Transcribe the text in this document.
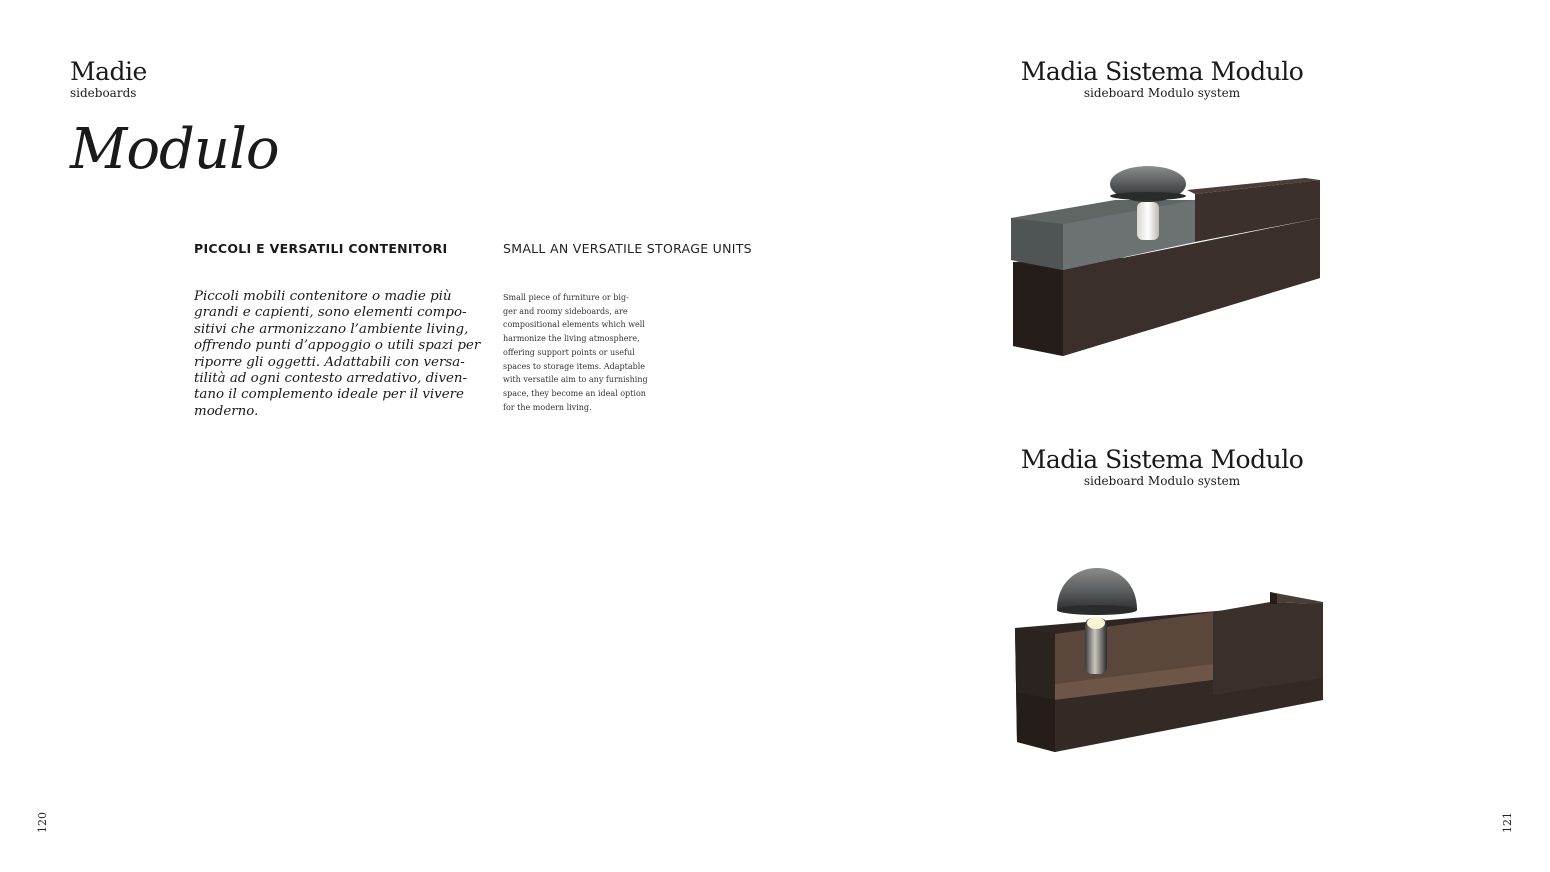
Madie
sideboards
Modulo
PICCOLI E VERSATILI CONTENITORI	SMALL AN VERSATILE STORAGE UNITS
Piccoli mobili contenitore o madie più
grandi e capienti, sono elementi compo-
sitivi che armonizzano l’ambiente living,
offrendo punti d’appoggio o utili spazi per
riporre gli oggetti. Adattabili con versa-
tilità ad ogni contesto arredativo, diven-
tano il complemento ideale per il vivere
moderno.
Small piece of furniture or big-
ger and roomy sideboards, are
compositional elements which well
harmonize the living atmosphere,
offering support points or useful
spaces to storage items. Adaptable
with versatile aim to any furnishing
space, they become an ideal option
for the modern living.
120
Madia Sistema Modulo
sideboard Modulo system
Madia Sistema Modulo
sideboard Modulo system
121
